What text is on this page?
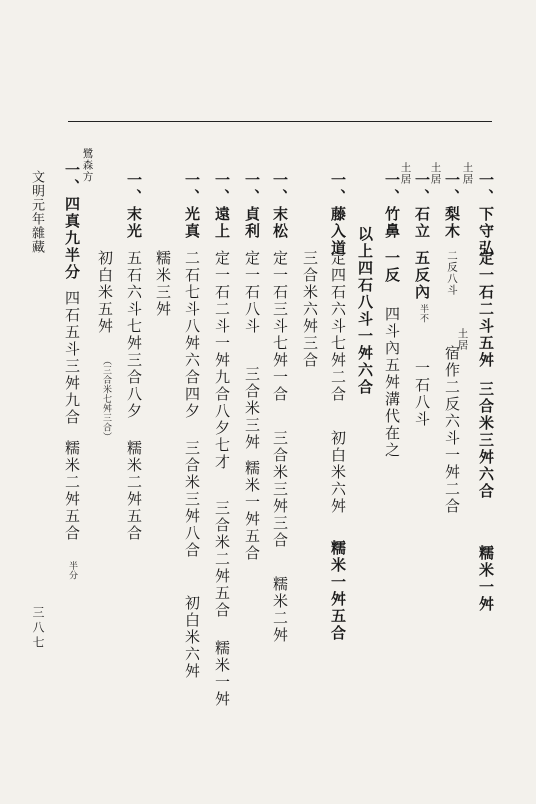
一、下守弘
定一石二斗五舛
三合米三舛六合
糯米一舛
土居
一、梨木
二反八斗
土居
宿作二反六斗一舛二合
土居
一、石立
五反內
半不
一石八斗
土居
一、竹鼻
一反
四斗內五舛溝代在之
以上四石八斗一舛六合
一、藤入道
定四石六斗七舛二合
初白米六舛
糯米一舛五合
三合米六舛三合
一、末松
定一石三斗七舛一合
三合米三舛三合
糯米二舛
一、貞利
定一石八斗
三合米三舛
糯米一舛五合
一、遠上
定一石二斗一舛九合八夕七才
三合米二舛五合
糯米一舛
一、光真
二石七斗八舛六合四夕
三合米三舛八合
初白米六舛
糯米三舛
一、末光
五石六斗七舛三合八夕
糯米二舛五合
初白米五舛
（三合米七舛三合）
鷺森方
一、四真九半分
四石五斗三舛九合
糯米二舛五合
半分
文明元年雜藏
三八七
